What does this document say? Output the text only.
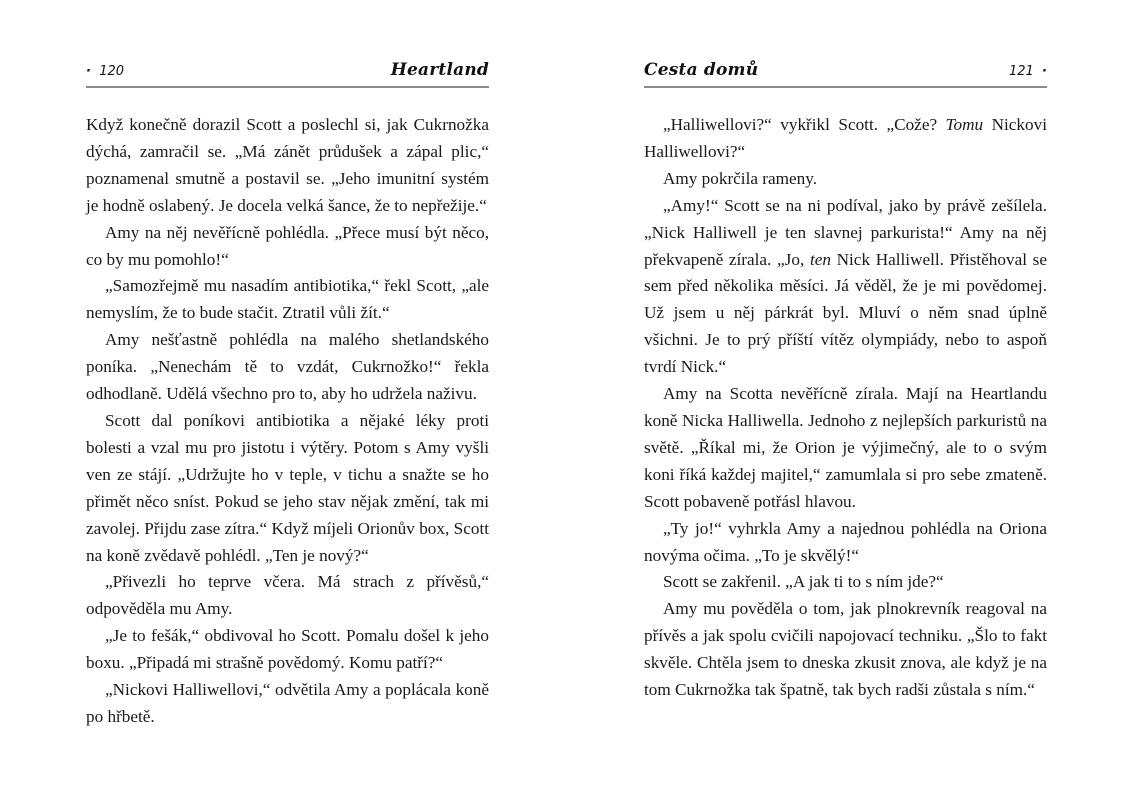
· 120	Heartland

Když konečně dorazil Scott a poslechl si, jak Cukrnožka dýchá, zamračil se. „Má zánět průdušek a zápal plic,“ poznamenal smutně a postavil se. „Jeho imunitní systém je hodně oslabený. Je docela velká šance, že to nepřežije.“

Amy na něj nevěřícně pohlédla. „Přece musí být něco, co by mu pomohlo!“

„Samozřejmě mu nasadím antibiotika,“ řekl Scott, „ale nemyslím, že to bude stačit. Ztratil vůli žít.“

Amy nešťastně pohlédla na malého shetlandského poníka. „Nenechám tě to vzdát, Cukrnožko!“ řekla odhodlaně. Udělá všechno pro to, aby ho udržela naživu.

Scott dal poníkovi antibiotika a nějaké léky proti bolesti a vzal mu pro jistotu i výtěry. Potom s Amy vyšli ven ze stájí. „Udržujte ho v teple, v tichu a snažte se ho přimět něco sníst. Pokud se jeho stav nějak změní, tak mi zavolej. Přijdu zase zítra.“ Když míjeli Orionův box, Scott na koně zvědavě pohlédl. „Ten je nový?“

„Přivezli ho teprve včera. Má strach z přívěsů,“ odpověděla mu Amy.

„Je to fešák,“ obdivoval ho Scott. Pomalu došel k jeho boxu. „Připadá mi strašně povědomý. Komu patří?“

„Nickovi Halliwellovi,“ odvětila Amy a poplácala koně po hřbetě.

Cesta domů	121 ·

„Halliwellovi?“ vykřikl Scott. „Cože? Tomu Nickovi Halliwellovi?“

Amy pokrčila rameny.

„Amy!“ Scott se na ni podíval, jako by právě zešílela. „Nick Halliwell je ten slavnej parkurista!“ Amy na něj překvapeně zírala. „Jo, ten Nick Halliwell. Přistěhoval se sem před několika měsíci. Já věděl, že je mi povědomej. Už jsem u něj párkrát byl. Mluví o něm snad úplně všichni. Je to prý příští vítěz olympiády, nebo to aspoň tvrdí Nick.“

Amy na Scotta nevěřícně zírala. Mají na Heartlandu koně Nicka Halliwella. Jednoho z nejlepších parkuristů na světě. „Říkal mi, že Orion je výjimečný, ale to o svým koni říká každej majitel,“ zamumlala si pro sebe zmateně. Scott pobaveně potřásl hlavou.

„Ty jo!“ vyhrkla Amy a najednou pohlédla na Oriona novýma očima. „To je skvělý!“

Scott se zakřenil. „A jak ti to s ním jde?“

Amy mu pověděla o tom, jak plnokrevník reagoval na přívěs a jak spolu cvičili napojovací techniku. „Šlo to fakt skvěle. Chtěla jsem to dneska zkusit znova, ale když je na tom Cukrnožka tak špatně, tak bych radši zůstala s ním.“
